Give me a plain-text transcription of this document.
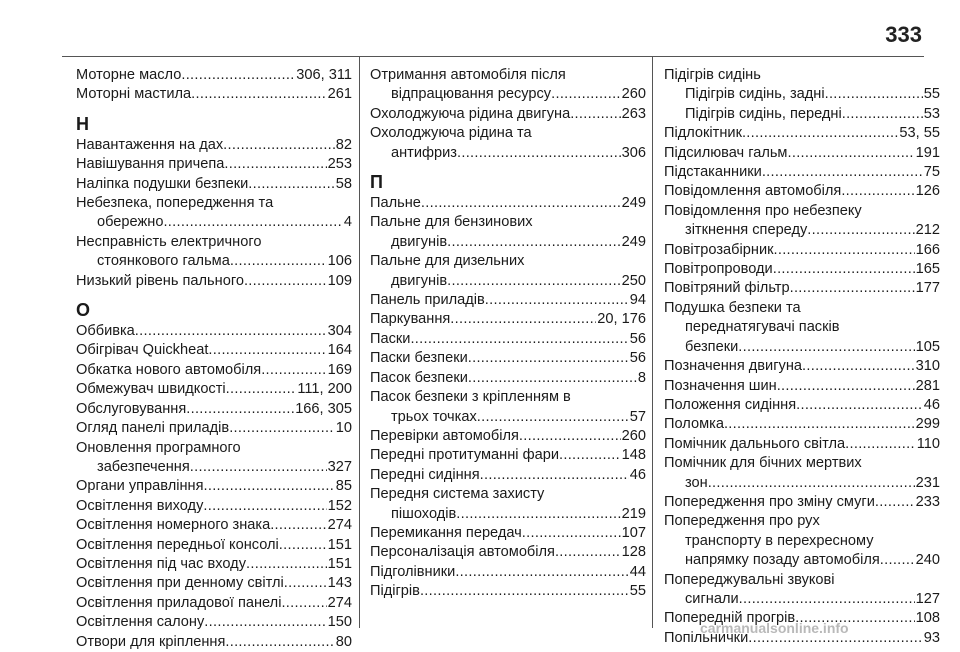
333
Моторне масло .....	306, 311
Моторні мастила .....	261
Н
Навантаження на дах .....	82
Навішування причепа .....	253
Наліпка подушки безпеки .....	58
Небезпека, попередження та
обережно .....	4
Несправність електричного
стоянкового гальма .....	106
Низький рівень пального .....	109
О
Оббивка .....	304
Обігрівач Quickheat .....	164
Обкатка нового автомобіля .....	169
Обмежувач швидкості .....	111, 200
Обслуговування .....	166, 305
Огляд панелі приладів .....	10
Оновлення програмного
забезпечення .....	327
Органи управління .....	85
Освітлення виходу .....	152
Освітлення номерного знака .....	274
Освітлення передньої консолі .....	151
Освітлення під час входу .....	151
Освітлення при денному світлі .....	143
Освітлення приладової панелі .....	274
Освітлення салону .....	150
Отвори для кріплення .....	80
Отримання автомобіля після
відпрацювання ресурсу .....	260
Охолоджуюча рідина двигуна .....	263
Охолоджуюча рідина та
антифриз .....	306
П
Пальне .....	249
Пальне для бензинових
двигунів .....	249
Пальне для дизельних
двигунів .....	250
Панель приладів .....	94
Паркування .....	20, 176
Паски .....	56
Паски безпеки .....	56
Пасок безпеки .....	8
Пасок безпеки з кріпленням в
трьох точках .....	57
Перевірки автомобіля .....	260
Передні протитуманні фари .....	148
Передні сидіння .....	46
Передня система захисту
пішоходів .....	219
Перемикання передач .....	107
Персоналізація автомобіля .....	128
Підголівники .....	44
Підігрів .....	55
Підігрів сидінь
Підігрів сидінь, задні .....	55
Підігрів сидінь, передні .....	53
Підлокітник .....	53, 55
Підсилювач гальм .....	191
Підстаканники .....	75
Повідомлення автомобіля .....	126
Повідомлення про небезпеку
зіткнення спереду .....	212
Повітрозабірник .....	166
Повітропроводи .....	165
Повітряний фільтр .....	177
Подушка безпеки та
переднатягувачі пасків
безпеки .....	105
Позначення двигуна .....	310
Позначення шин .....	281
Положення сидіння .....	46
Поломка .....	299
Помічник дальнього світла .....	110
Помічник для бічних мертвих
зон .....	231
Попередження про зміну смуги .....	233
Попередження про рух
транспорту в перехресному
напрямку позаду автомобіля ..... 240
Попереджувальні звукові
сигнали .....	127
Попередній прогрів .....	108
Попільнички .....	93
carmanualsonline.info
